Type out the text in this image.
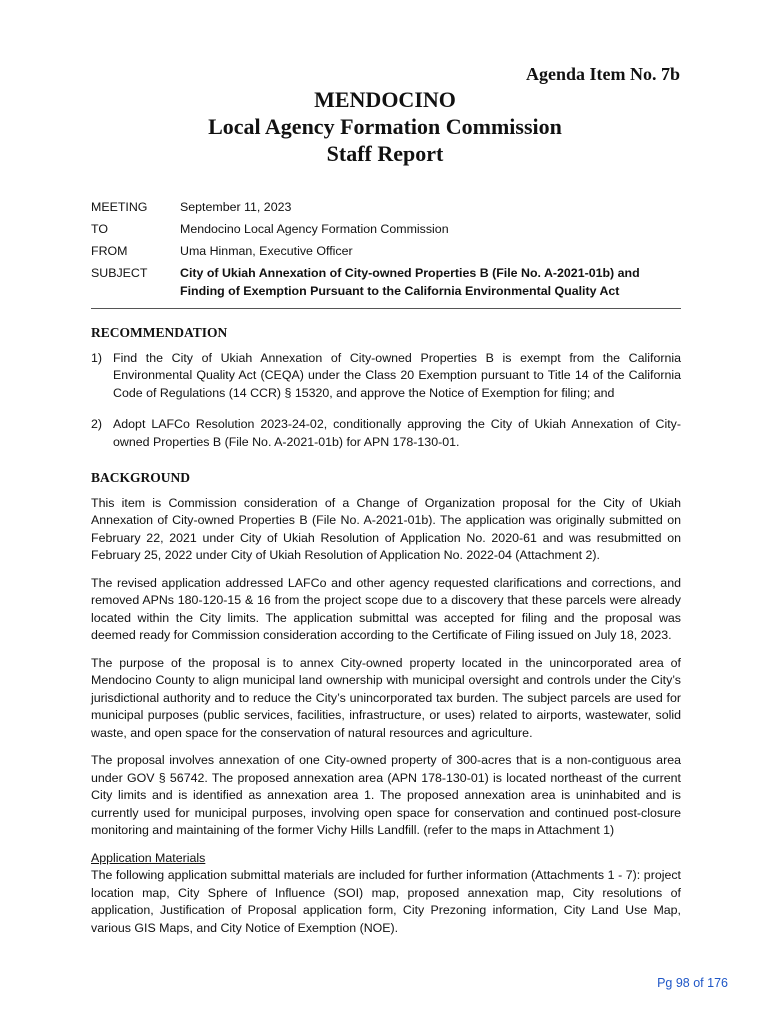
Agenda Item No. 7b
MENDOCINO
Local Agency Formation Commission
Staff Report
MEETING	September 11, 2023
TO	Mendocino Local Agency Formation Commission
FROM	Uma Hinman, Executive Officer
SUBJECT	City of Ukiah Annexation of City-owned Properties B (File No. A-2021-01b) and Finding of Exemption Pursuant to the California Environmental Quality Act
RECOMMENDATION
1) Find the City of Ukiah Annexation of City-owned Properties B is exempt from the California Environmental Quality Act (CEQA) under the Class 20 Exemption pursuant to Title 14 of the California Code of Regulations (14 CCR) § 15320, and approve the Notice of Exemption for filing; and
2) Adopt LAFCo Resolution 2023-24-02, conditionally approving the City of Ukiah Annexation of City-owned Properties B (File No. A-2021-01b) for APN 178-130-01.
BACKGROUND

This item is Commission consideration of a Change of Organization proposal for the City of Ukiah Annexation of City-owned Properties B (File No. A-2021-01b). The application was originally submitted on February 22, 2021 under City of Ukiah Resolution of Application No. 2020-61 and was resubmitted on February 25, 2022 under City of Ukiah Resolution of Application No. 2022-04 (Attachment 2).

The revised application addressed LAFCo and other agency requested clarifications and corrections, and removed APNs 180-120-15 & 16 from the project scope due to a discovery that these parcels were already located within the City limits. The application submittal was accepted for filing and the proposal was deemed ready for Commission consideration according to the Certificate of Filing issued on July 18, 2023.

The purpose of the proposal is to annex City-owned property located in the unincorporated area of Mendocino County to align municipal land ownership with municipal oversight and controls under the City’s jurisdictional authority and to reduce the City’s unincorporated tax burden. The subject parcels are used for municipal purposes (public services, facilities, infrastructure, or uses) related to airports, wastewater, solid waste, and open space for the conservation of natural resources and agriculture.

The proposal involves annexation of one City-owned property of 300-acres that is a non-contiguous area under GOV § 56742. The proposed annexation area (APN 178-130-01) is located northeast of the current City limits and is identified as annexation area 1. The proposed annexation area is uninhabited and is currently used for municipal purposes, involving open space for conservation and continued post-closure monitoring and maintaining of the former Vichy Hills Landfill. (refer to the maps in Attachment 1)

Application Materials

The following application submittal materials are included for further information (Attachments 1 - 7): project location map, City Sphere of Influence (SOI) map, proposed annexation map, City resolutions of application, Justification of Proposal application form, City Prezoning information, City Land Use Map, various GIS Maps, and City Notice of Exemption (NOE).

Pg 98 of 176
